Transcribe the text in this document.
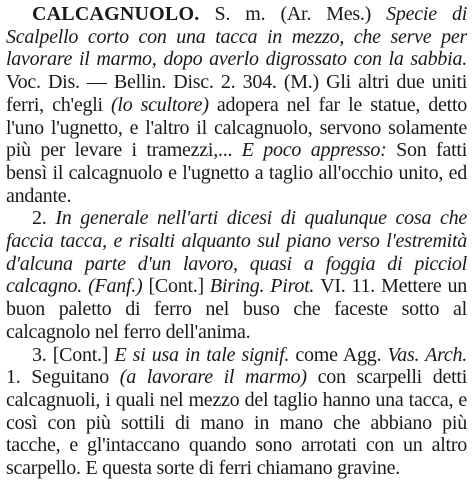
CALCAGNUOLO. S. m. (Ar. Mes.) Specie di Scalpello corto con una tacca in mezzo, che serve per lavorare il marmo, dopo averlo digrossato con la sabbia. Voc. Dis. — Bellin. Disc. 2. 304. (M.) Gli altri due uniti ferri, ch'egli (lo scultore) adopera nel far le statue, detto l'uno l'ugnetto, e l'altro il calcagnuolo, servono solamente più per levare i tramezzi,... E poco appresso: Son fatti bensì il calcagnuolo e l'ugnetto a taglio all'occhio unito, ed andante.

2. In generale nell'arti dicesi di qualunque cosa che faccia tacca, e risalti alquanto sul piano verso l'estremità d'alcuna parte d'un lavoro, quasi a foggia di picciol calcagno. (Fanf.) [Cont.] Biring. Pirot. VI. 11. Mettere un buon paletto di ferro nel buso che faceste sotto al calcagnolo nel ferro dell'anima.

3. [Cont.] E si usa in tale signif. come Agg. Vas. Arch. 1. Seguitano (a lavorare il marmo) con scarpelli detti calcagnuoli, i quali nel mezzo del taglio hanno una tacca, e così con più sottili di mano in mano che abbiano più tacche, e gl'intaccano quando sono arrotati con un altro scarpello. E questa sorte di ferri chiamano gravine.
